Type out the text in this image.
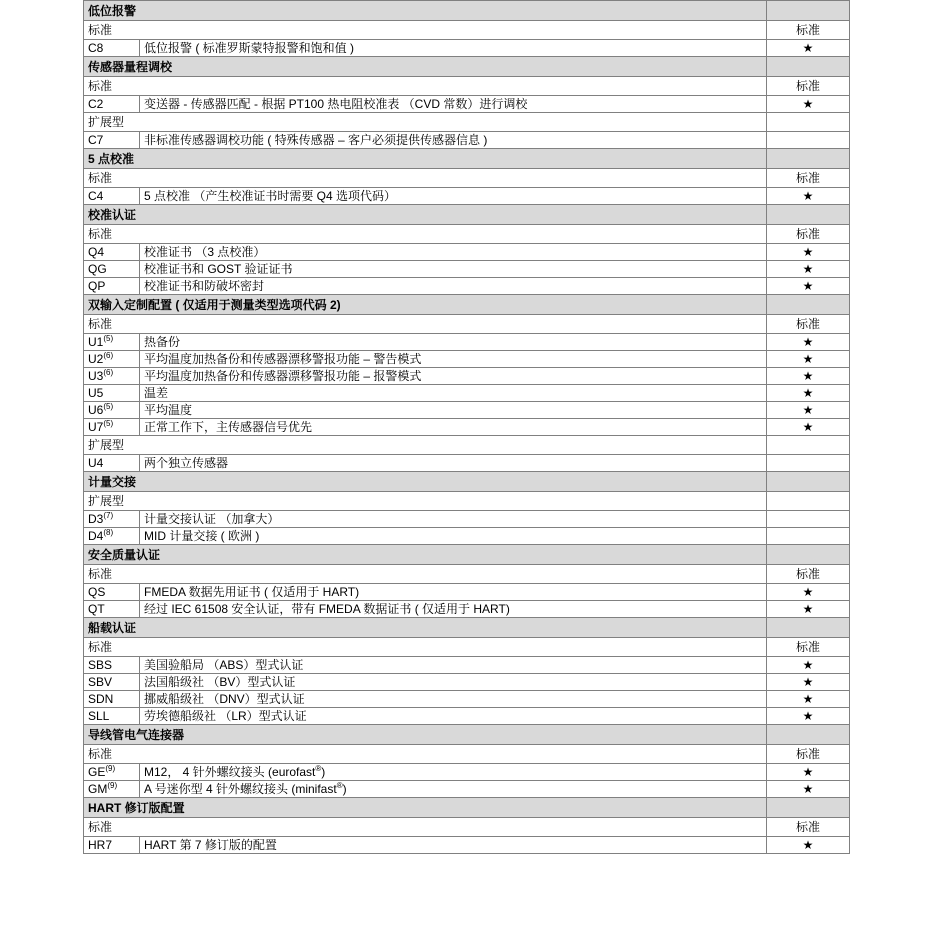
低位报警		
标准		标准
C8	低位报警 ( 标准罗斯蒙特报警和饱和值 )	★
传感器量程调校		
标准		标准
C2	变送器 - 传感器匹配 - 根据 PT100 热电阻校准表 （CVD 常数）进行调校	★
扩展型		
C7	非标准传感器调校功能 ( 特殊传感器 – 客户必须提供传感器信息 )	
5 点校准		
标准		标准
C4	5 点校准 （产生校准证书时需要 Q4 选项代码）	★
校准认证		
标准		标准
Q4	校准证书 （3 点校准）	★
QG	校准证书和 GOST 验证证书	★
QP	校准证书和防破坏密封	★
双输入定制配置 ( 仅适用于测量类型选项代码 2)		
标准		标准
U1$^{(5)}$	热备份	★
U2$^{(6)}$	平均温度加热备份和传感器漂移警报功能 – 警告模式	★
U3$^{(6)}$	平均温度加热备份和传感器漂移警报功能 – 报警模式	★
U5	温差	★
U6$^{(5)}$	平均温度	★
U7$^{(5)}$	正常工作下，主传感器信号优先	★
扩展型		
U4	两个独立传感器	
计量交接		
扩展型		
D3$^{(7)}$	计量交接认证 （加拿大）	
D4$^{(8)}$	MID 计量交接 ( 欧洲 )	
安全质量认证		
标准		标准
QS	FMEDA 数据先用证书 ( 仅适用于 HART)	★
QT	经过 IEC 61508 安全认证，带有 FMEDA 数据证书 ( 仅适用于 HART)	★
船载认证		
标准		标准
SBS	美国验船局 （ABS）型式认证	★
SBV	法国船级社 （BV）型式认证	★
SDN	挪威船级社 （DNV）型式认证	★
SLL	劳埃德船级社 （LR）型式认证	★
导线管电气连接器		
标准		标准
GE$^{(9)}$	M12， 4 针外螺纹接头 (eurofast®)	★
GM$^{(9)}$	A 号迷你型 4 针外螺纹接头 (minifast®)	★
HART 修订版配置		
标准		标准
HR7	HART 第 7 修订版的配置	★
